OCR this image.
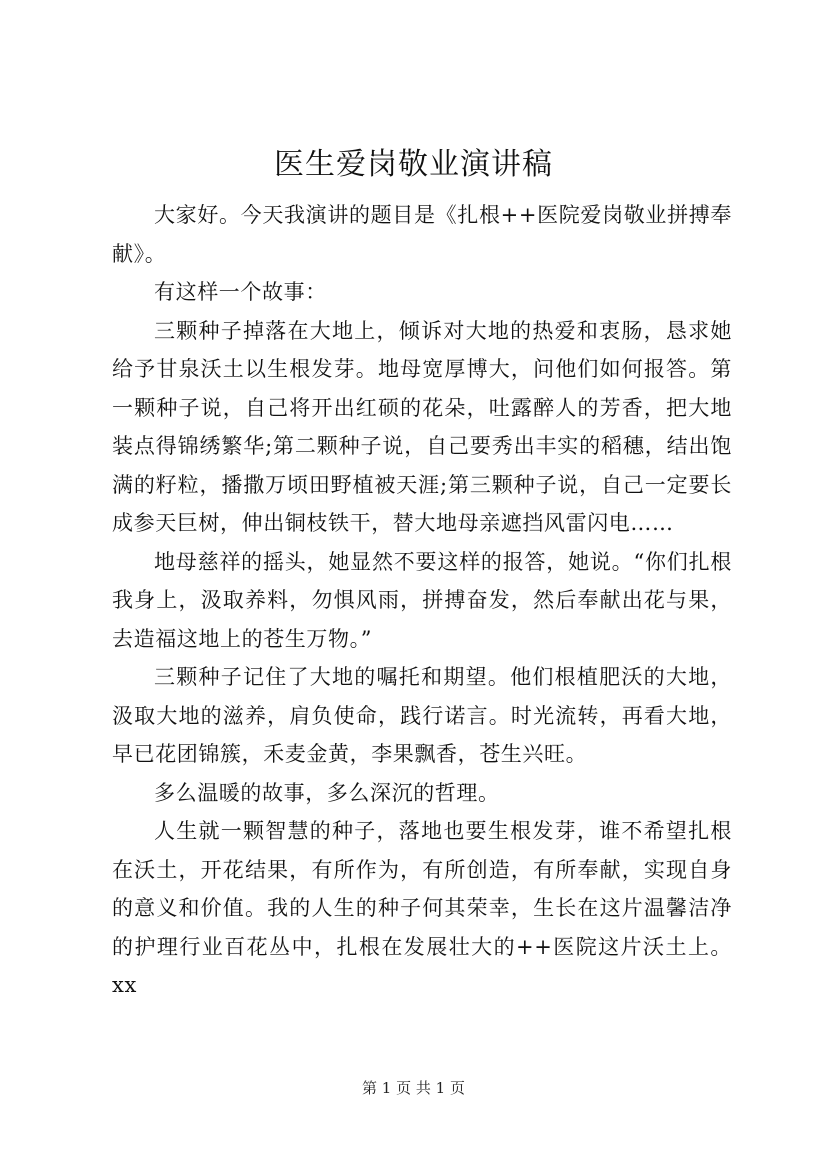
医生爱岗敬业演讲稿

大家好。今天我演讲的题目是《扎根++医院爱岗敬业拼搏奉献》。

有这样一个故事：

三颗种子掉落在大地上，倾诉对大地的热爱和衷肠，恳求她给予甘泉沃土以生根发芽。地母宽厚博大，问他们如何报答。第一颗种子说，自己将开出红硕的花朵，吐露醉人的芳香，把大地装点得锦绣繁华;第二颗种子说，自己要秀出丰实的稻穗，结出饱满的籽粒，播撒万顷田野植被天涯;第三颗种子说，自己一定要长成参天巨树，伸出铜枝铁干，替大地母亲遮挡风雷闪电……

地母慈祥的摇头，她显然不要这样的报答，她说。“你们扎根我身上，汲取养料，勿惧风雨，拼搏奋发，然后奉献出花与果，去造福这地上的苍生万物。”

三颗种子记住了大地的嘱托和期望。他们根植肥沃的大地，汲取大地的滋养，肩负使命，践行诺言。时光流转，再看大地，早已花团锦簇，禾麦金黄，李果飘香，苍生兴旺。

多么温暖的故事，多么深沉的哲理。

人生就一颗智慧的种子，落地也要生根发芽，谁不希望扎根在沃土，开花结果，有所作为，有所创造，有所奉献，实现自身的意义和价值。我的人生的种子何其荣幸，生长在这片温馨洁净的护理行业百花丛中，扎根在发展壮大的++医院这片沃土上。xx

第 1 页 共 1 页
